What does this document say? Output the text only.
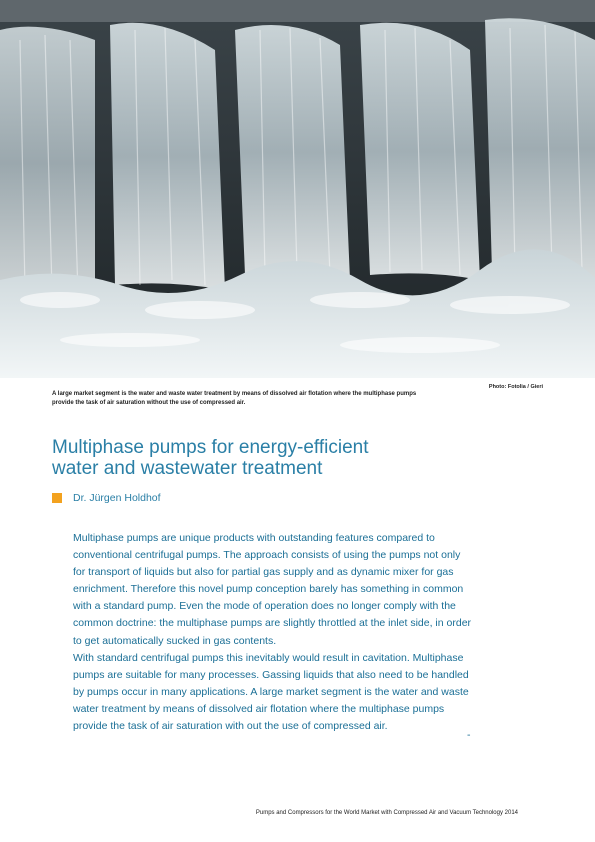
Photo: Fotolia / Gieri
A large market segment is the water and waste water treatment by means of dissolved air flotation where the multiphase pumps provide the task of air saturation without the use of compressed air.
Multiphase pumps for energy-efficient
water and wastewater treatment
Dr. Jürgen Holdhof

Multiphase pumps are unique products with outstanding features compared to conventional centrifugal pumps. The approach consists of using the pumps not only for transport of liquids but also for partial gas supply and as dynamic mixer for gas enrichment. Therefore this novel pump conception barely has something in common with a standard pump. Even the mode of operation does no longer comply with the common doctrine: the multiphase pumps are slightly throttled at the inlet side, in order to get automatically sucked in gas contents.

With standard centrifugal pumps this inevitably would result in cavitation. Multiphase pumps are suitable for many processes. Gassing liquids that also need to be handled by pumps occur in many applications. A large market segment is the water and waste water treatment by means of dissolved air flotation where the multiphase pumps provide the task of air saturation with out the use of compressed air.

-
Pumps and Compressors for the World Market with Compressed Air and Vacuum Technology 2014
